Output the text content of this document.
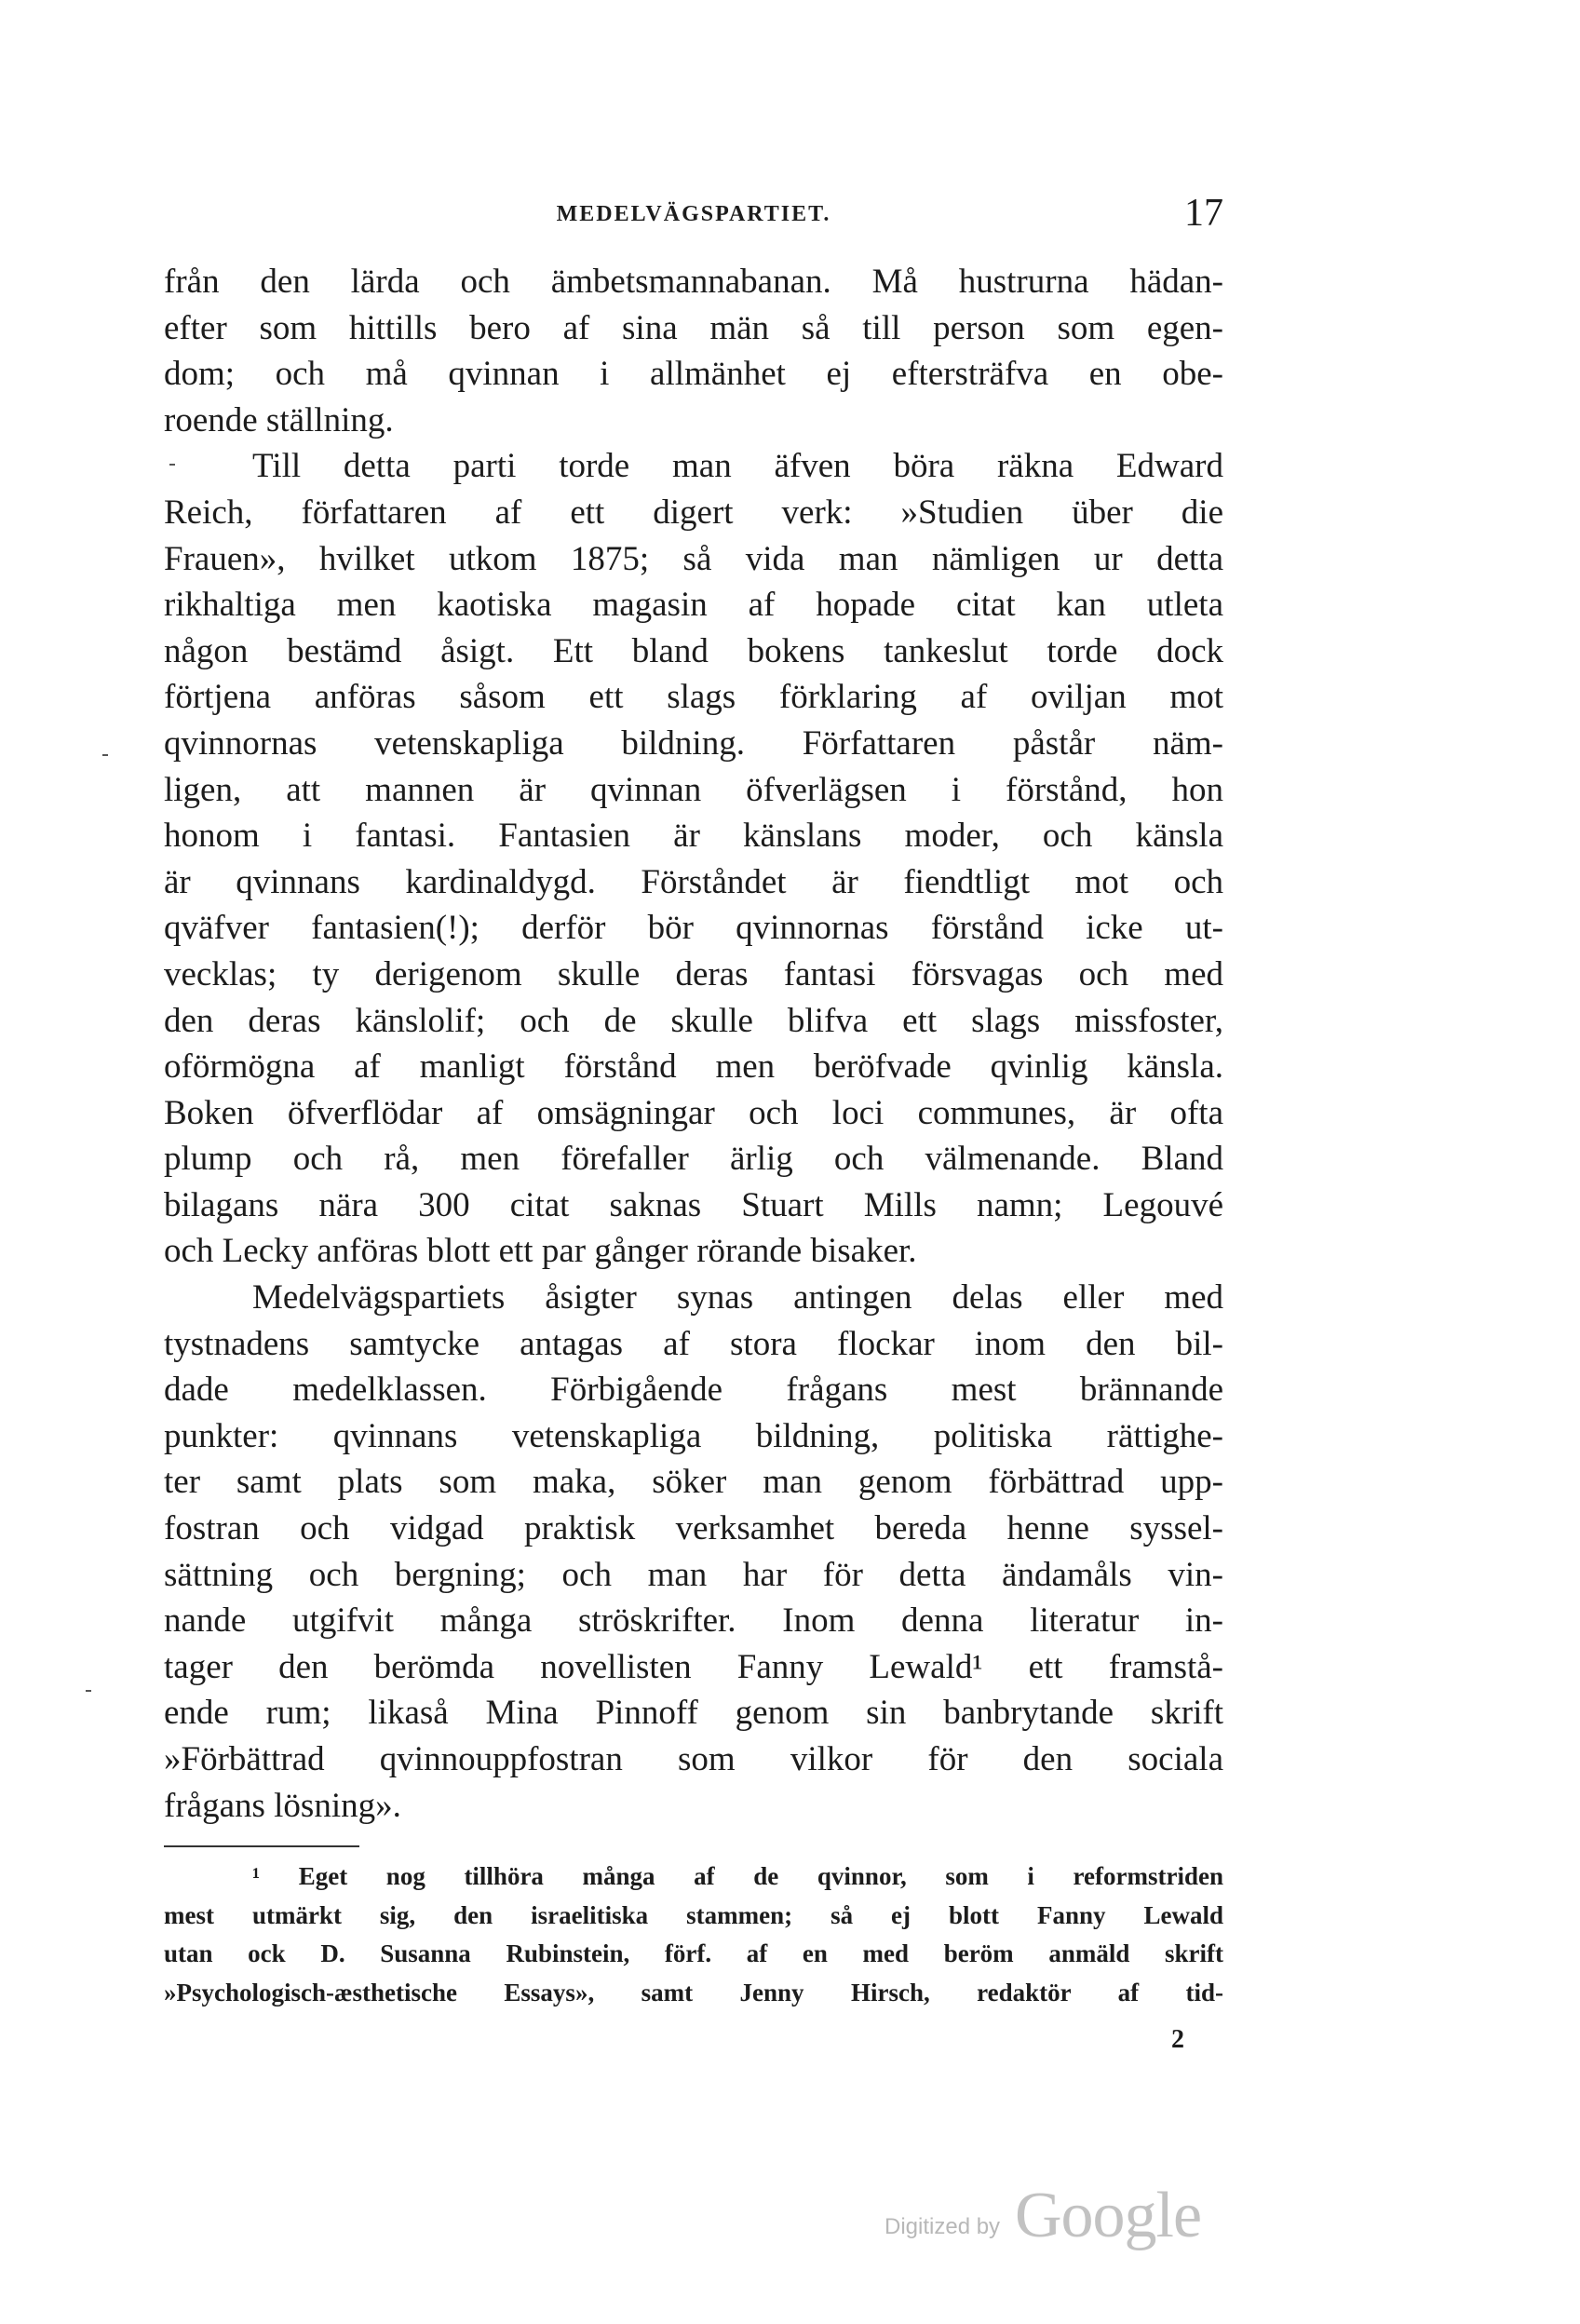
MEDELVÄGSPARTIET.	17
från den lärda och ämbetsmannabanan. Må hustrurna hädan-
efter som hittills bero af sina män så till person som egen-
dom; och må qvinnan i allmänhet ej eftersträfva en obe-
roende ställning.
Till detta parti torde man äfven böra räkna Edward
Reich, författaren af ett digert verk: »Studien über die
Frauen», hvilket utkom 1875; så vida man nämligen ur detta
rikhaltiga men kaotiska magasin af hopade citat kan utleta
någon bestämd åsigt. Ett bland bokens tankeslut torde dock
förtjena anföras såsom ett slags förklaring af oviljan mot
qvinnornas vetenskapliga bildning. Författaren påstår näm-
ligen, att mannen är qvinnan öfverlägsen i förstånd, hon
honom i fantasi. Fantasien är känslans moder, och känsla
är qvinnans kardinaldygd. Förståndet är fiendtligt mot och
qväfver fantasien(!); derför bör qvinnornas förstånd icke ut-
vecklas; ty derigenom skulle deras fantasi försvagas och med
den deras känslolif; och de skulle blifva ett slags missfoster,
oförmögna af manligt förstånd men beröfvade qvinlig känsla.
Boken öfverflödar af omsägningar och loci communes, är ofta
plump och rå, men förefaller ärlig och välmenande. Bland
bilagans nära 300 citat saknas Stuart Mills namn; Legouvé
och Lecky anföras blott ett par gånger rörande bisaker.
Medelvägspartiets åsigter synas antingen delas eller med
tystnadens samtycke antagas af stora flockar inom den bil-
dade medelklassen. Förbigående frågans mest brännande
punkter: qvinnans vetenskapliga bildning, politiska rättighe-
ter samt plats som maka, söker man genom förbättrad upp-
fostran och vidgad praktisk verksamhet bereda henne syssel-
sättning och bergning; och man har för detta ändamåls vin-
nande utgifvit många ströskrifter. Inom denna literatur in-
tager den berömda novellisten Fanny Lewald¹ ett framstå-
ende rum; likaså Mina Pinnoff genom sin banbrytande skrift
»Förbättrad qvinnouppfostran som vilkor för den sociala
frågans lösning».
¹ Eget nog tillhöra många af de qvinnor, som i reformstriden
mest utmärkt sig, den israelitiska stammen; så ej blott Fanny Lewald
utan ock D. Susanna Rubinstein, förf. af en med beröm anmäld skrift
»Psychologisch-æsthetische Essays», samt Jenny Hirsch, redaktör af tid-
2
Digitized by Google
